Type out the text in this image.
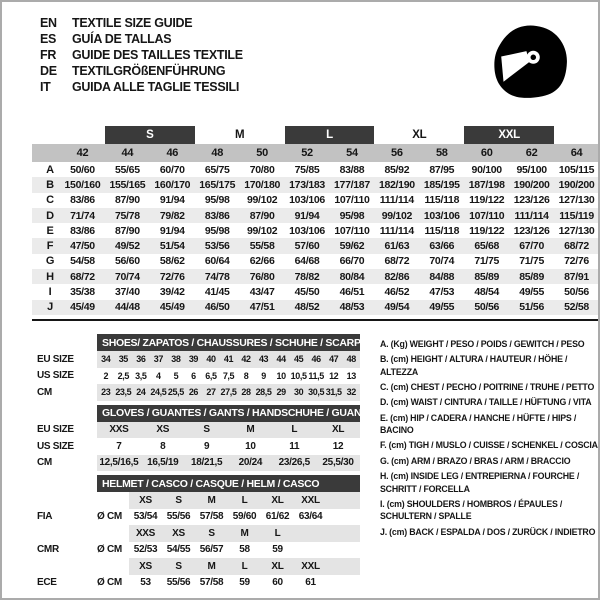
EN	TEXTILE SIZE GUIDE
ES	GUÍA DE TALLAS
FR	GUIDE DES TAILLES TEXTILE
DE	TEXTILGRÖßENFÜHRUNG
IT	GUIDA ALLE TAGLIE TESSILI
S	M	L	XL	XXL
42	44	46	48	50	52	54	56	58	60	62	64
A	50/60	55/65	60/70	65/75	70/80	75/85	83/88	85/92	87/95	90/100	95/100	105/115
B	150/160 155/165 160/170 165/175 170/180 173/183 177/187 182/190 185/195 187/198 190/200 190/200
C	83/86	87/90	91/94	95/98	99/102	103/106 107/110 111/114	115/118 119/122 123/126 127/130
D	71/74	75/78	79/82	83/86	87/90	91/94	95/98	99/102	103/106 107/110 111/114	115/119
E	83/86	87/90	91/94	95/98	99/102	103/106 107/110 111/114	115/118 119/122 123/126 127/130
F	47/50	49/52	51/54	53/56	55/58	57/60	59/62	61/63	63/66	65/68	67/70	68/72
G	54/58	56/60	58/62	60/64	62/66	64/68	66/70	68/72	70/74	71/75	71/75	72/76
H	68/72	70/74	72/76	74/78	76/80	78/82	80/84	82/86	84/88	85/89	85/89	87/91
I	35/38	37/40	39/42	41/45	43/47	45/50	46/51	46/52	47/53	48/54	49/55	50/56
J	45/49	44/48	45/49	46/50	47/51	48/52	48/53	49/54	49/55	50/56	51/56	52/58
SHOES/ ZAPATOS / CHAUSSURES / SCHUHE / SCARPE
EU SIZE	34 35 36 37 38 39 40 41 42 43 44 45 46 47 48
US SIZE	2	2,5 3,5	4	5	6	6,5 7,5	8	9	10 10,5 11,5 12 13
CM	23 23,5 24 24,5 25,5 26 27 27,5 28 28,5 29 30 30,5 31,5 32
GLOVES / GUANTES / GANTS / HANDSCHUHE / GUANTI
EU SIZE	XXS	XS	S	M	L	XL
US SIZE	7	8	9	10	11	12
CM	12,5/16,5 16,5/19	18/21,5	20/24	23/26,5	25,5/30
HELMET / CASCO / CASQUE / HELM / CASCO
XS	S	M	L	XL	XXL
FIA	Ø CM	53/54 55/56 57/58 59/60 61/62 63/64
XXS	XS	S	M	L
CMR	Ø CM	52/53 54/55 56/57	58	59
XS	S	M	L	XL	XXL
ECE	Ø CM	53	55/56 57/58	59	60	61
A. (Kg) WEIGHT / PESO / POIDS / GEWITCH / PESO
B. (cm) HEIGHT / ALTURA / HAUTEUR / HÖHE / ALTEZZA
C. (cm) CHEST / PECHO / POITRINE / TRUHE / PETTO
D. (cm) WAIST / CINTURA / TAILLE / HÜFTUNG / VITA
E. (cm) HIP / CADERA / HANCHE / HÜFTE / HIPS / BACINO
F. (cm) TIGH / MUSLO / CUISSE / SCHENKEL / COSCIA
G. (cm) ARM / BRAZO / BRAS / ARM / BRACCIO
H. (cm) INSIDE LEG / ENTREPIERNA / FOURCHE / SCHRITT / FORCELLA
I. (cm) SHOULDERS / HOMBROS / ÉPAULES / SCHULTERN / SPALLE
J. (cm) BACK / ESPALDA / DOS / ZURÜCK / INDIETRO
